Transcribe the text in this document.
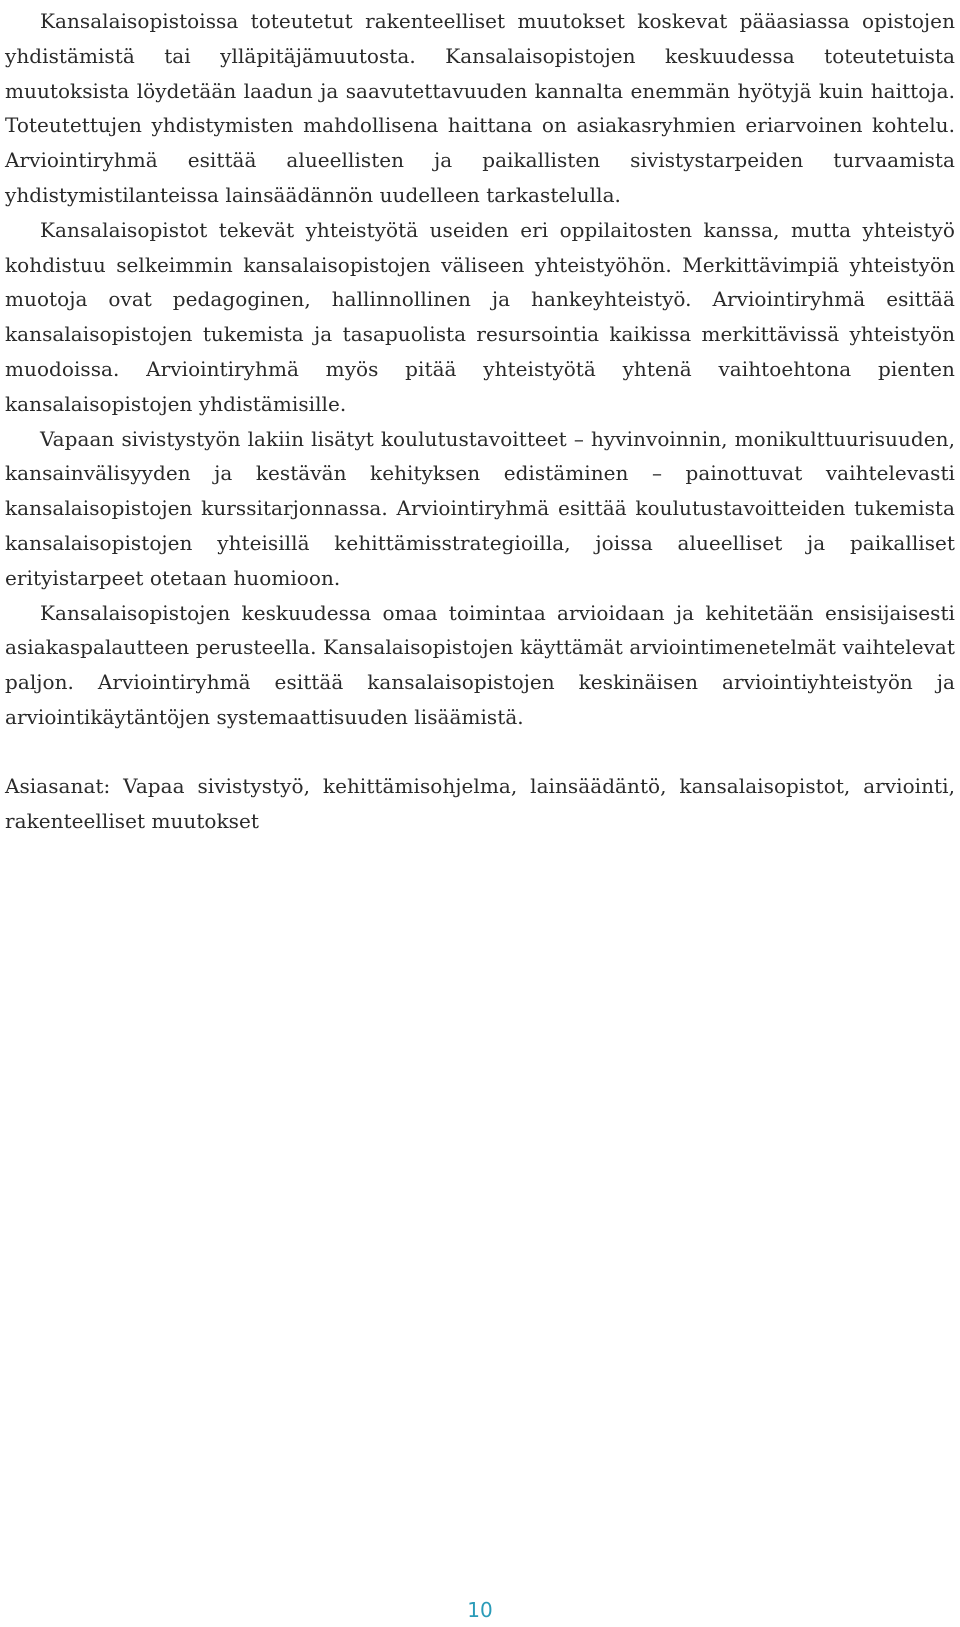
Kansalaisopistoissa toteutetut rakenteelliset muutokset koskevat pääasiassa opistojen yhdistämistä tai ylläpitäjämuutosta. Kansalaisopistojen keskuudessa toteutetuista muutoksista löydetään laadun ja saavutettavuuden kannalta enemmän hyötyjä kuin haittoja. Toteutettujen yhdistymisten mahdollisena haittana on asiakasryhmien eriarvoinen kohtelu. Arviointiryhmä esittää alueellisten ja paikallisten sivistystarpeiden turvaamista yhdistymistilanteissa lainsäädännön uudelleen tarkastelulla.

Kansalaisopistot tekevät yhteistyötä useiden eri oppilaitosten kanssa, mutta yhteistyö kohdistuu selkeimmin kansalaisopistojen väliseen yhteistyöhön. Merkittävimpiä yhteistyön muotoja ovat pedagoginen, hallinnollinen ja hankeyhteistyö. Arviointiryhmä esittää kansalaisopistojen tukemista ja tasapuolista resursointia kaikissa merkittävissä yhteistyön muodoissa. Arviointiryhmä myös pitää yhteistyötä yhtenä vaihtoehtona pienten kansalaisopistojen yhdistämisille.

Vapaan sivistystyön lakiin lisätyt koulutustavoitteet – hyvinvoinnin, monikulttuurisuuden, kansainvälisyyden ja kestävän kehityksen edistäminen – painottuvat vaihtelevasti kansalaisopistojen kurssitarjonnassa. Arviointiryhmä esittää koulutustavoitteiden tukemista kansalaisopistojen yhteisillä kehittämisstrategioilla, joissa alueelliset ja paikalliset erityistarpeet otetaan huomioon.

Kansalaisopistojen keskuudessa omaa toimintaa arvioidaan ja kehitetään ensisijaisesti asiakaspalautteen perusteella. Kansalaisopistojen käyttämät arviointimenetelmät vaihtelevat paljon. Arviointiryhmä esittää kansalaisopistojen keskinäisen arviointiyhteistyön ja arviointikäytäntöjen systemaattisuuden lisäämistä.

Asiasanat: Vapaa sivistystyö, kehittämisohjelma, lainsäädäntö, kansalaisopistot, arviointi, rakenteelliset muutokset

10
